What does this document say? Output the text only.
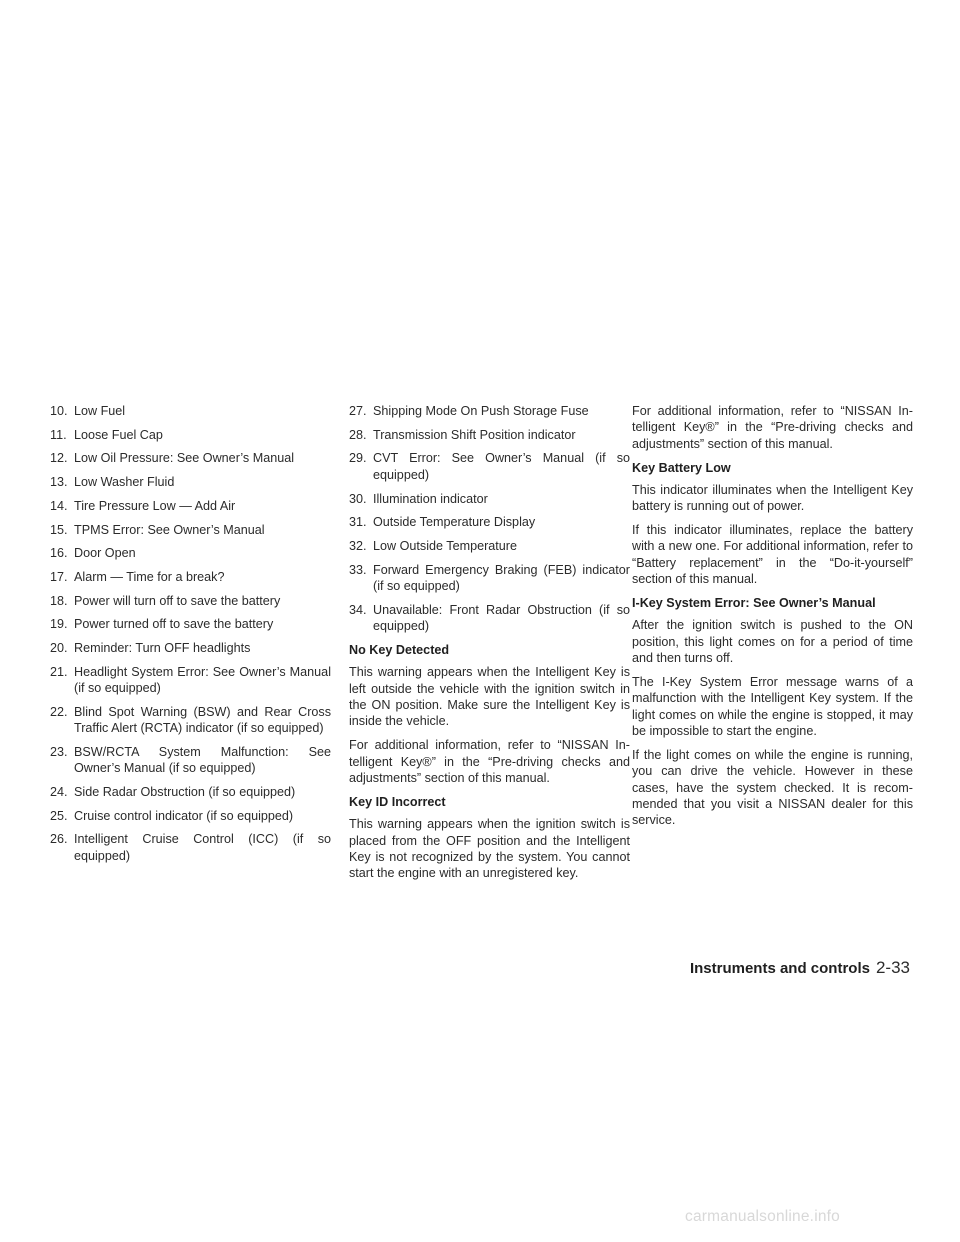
10. Low Fuel
11. Loose Fuel Cap
12. Low Oil Pressure: See Owner’s Manual
13. Low Washer Fluid
14. Tire Pressure Low — Add Air
15. TPMS Error: See Owner’s Manual
16. Door Open
17. Alarm — Time for a break?
18. Power will turn off to save the battery
19. Power turned off to save the battery
20. Reminder: Turn OFF headlights
21. Headlight System Error: See Owner’s Manual (if so equipped)
22. Blind Spot Warning (BSW) and Rear Cross Traffic Alert (RCTA) indicator (if so equipped)
23. BSW/RCTA System Malfunction: See Owner’s Manual (if so equipped)
24. Side Radar Obstruction (if so equipped)
25. Cruise control indicator (if so equipped)
26. Intelligent Cruise Control (ICC) (if so equipped)
27. Shipping Mode On Push Storage Fuse
28. Transmission Shift Position indicator
29. CVT Error: See Owner’s Manual (if so equipped)
30. Illumination indicator
31. Outside Temperature Display
32. Low Outside Temperature
33. Forward Emergency Braking (FEB) indicator (if so equipped)
34. Unavailable: Front Radar Obstruction (if so equipped)
No Key Detected

This warning appears when the Intelligent Key is left outside the vehicle with the ignition switch in the ON position. Make sure the Intelligent Key is inside the vehicle.

For additional information, refer to “NISSAN In-telligent Key®” in the “Pre-driving checks and adjustments” section of this manual.

Key ID Incorrect

This warning appears when the ignition switch is placed from the OFF position and the Intelligent Key is not recognized by the system. You cannot start the engine with an unregistered key.

For additional information, refer to “NISSAN In-telligent Key®” in the “Pre-driving checks and adjustments” section of this manual.

Key Battery Low

This indicator illuminates when the Intelligent Key battery is running out of power.

If this indicator illuminates, replace the battery with a new one. For additional information, refer to “Battery replacement” in the “Do-it-yourself” section of this manual.

I-Key System Error: See Owner’s Manual

After the ignition switch is pushed to the ON position, this light comes on for a period of time and then turns off.

The I-Key System Error message warns of a malfunction with the Intelligent Key system. If the light comes on while the engine is stopped, it may be impossible to start the engine.

If the light comes on while the engine is running, you can drive the vehicle. However in these cases, have the system checked. It is recom-mended that you visit a NISSAN dealer for this service.

Instruments and controls 2-33
carmanualsonline.info
